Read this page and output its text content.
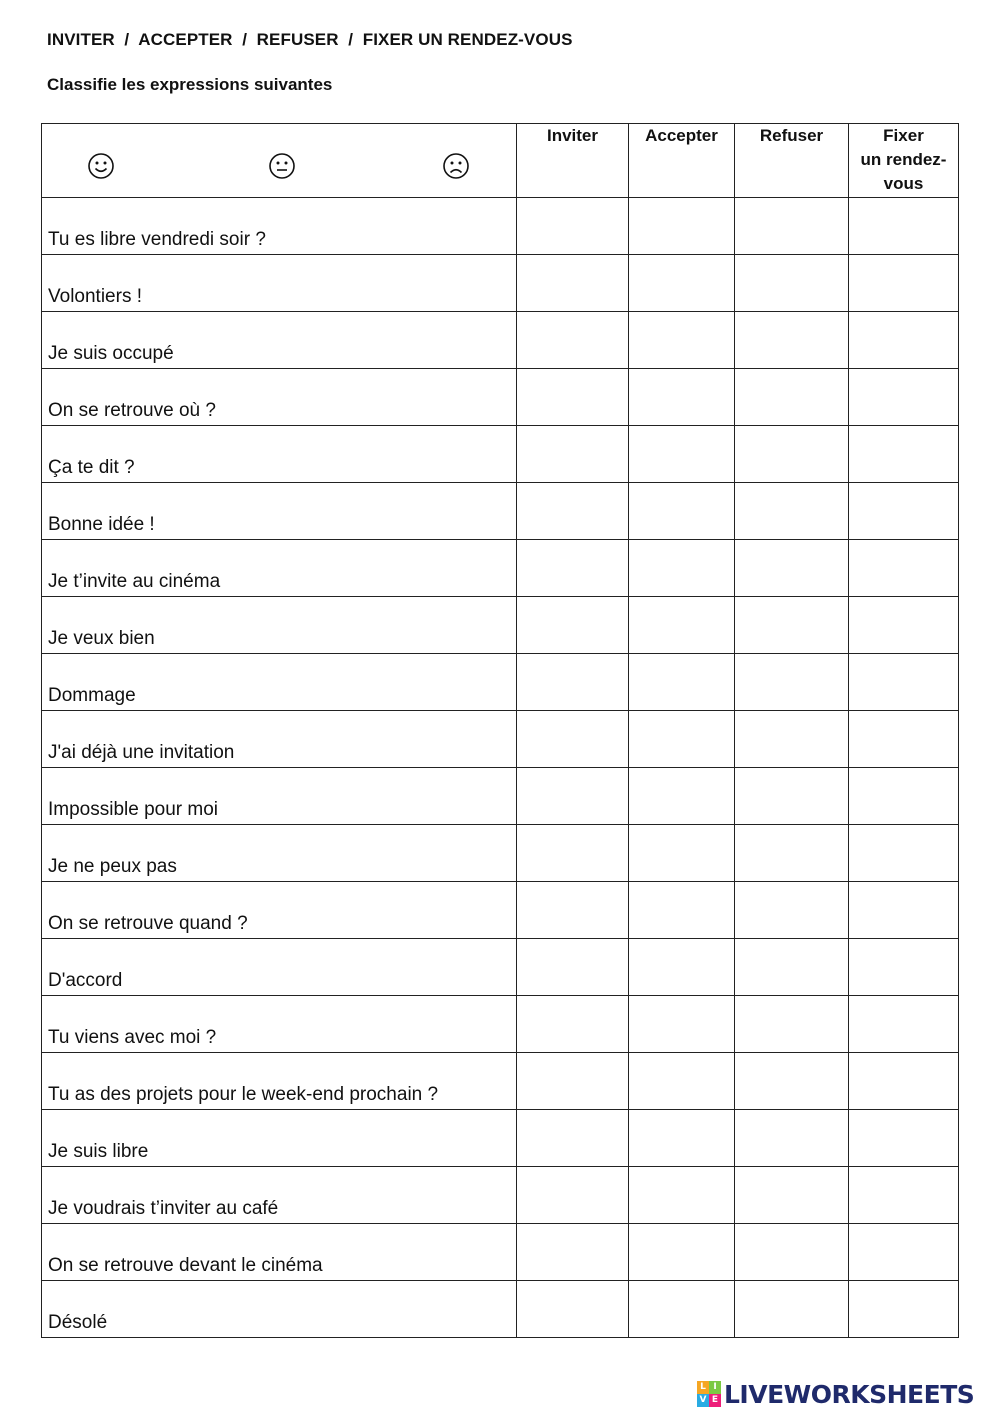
INVITER  /  ACCEPTER  /  REFUSER  /  FIXER UN RENDEZ-VOUS
Classifie les expressions suivantes
	Inviter	Accepter	Refuser	Fixer
un rendez-
vous

Tu es libre vendredi soir ?				
Volontiers !				
Je suis occupé				
On se retrouve où ?				
Ça te dit ?				
Bonne idée !				
Je t’invite au cinéma				
Je veux bien				
Dommage				
J'ai déjà une invitation				
Impossible pour moi				
Je ne peux pas				
On se retrouve quand ?				
D'accord				
Tu viens avec moi ?				
Tu as des projets pour le week-end prochain ?				
Je suis libre				
Je voudrais t’inviter au café				
On se retrouve devant le cinéma				
Désolé				
L I
V E LIVEWORKSHEETS
